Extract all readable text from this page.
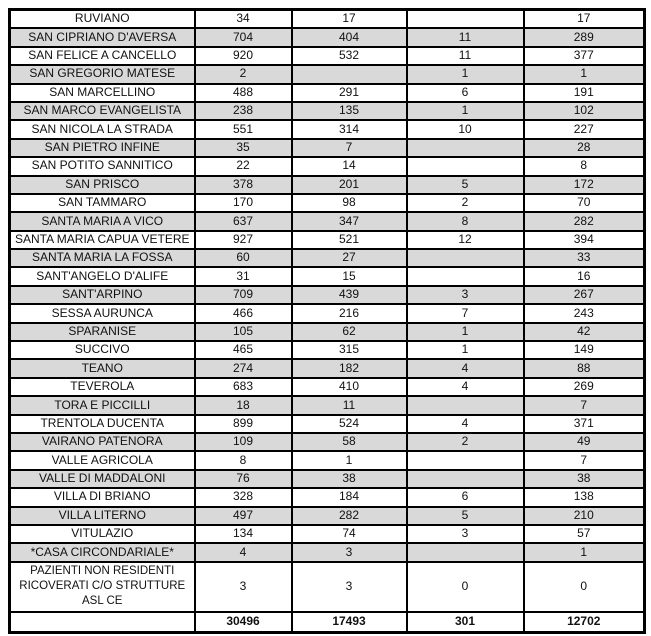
RUVIANO	34	17		17
SAN CIPRIANO D'AVERSA	704	404	11	289
SAN FELICE A CANCELLO	920	532	11	377
SAN GREGORIO MATESE	2		1	1
SAN MARCELLINO	488	291	6	191
SAN MARCO EVANGELISTA	238	135	1	102
SAN NICOLA LA STRADA	551	314	10	227
SAN PIETRO INFINE	35	7		28
SAN POTITO SANNITICO	22	14		8
SAN PRISCO	378	201	5	172
SAN TAMMARO	170	98	2	70
SANTA MARIA A VICO	637	347	8	282
SANTA MARIA CAPUA VETERE	927	521	12	394
SANTA MARIA LA FOSSA	60	27		33
SANT'ANGELO D'ALIFE	31	15		16
SANT'ARPINO	709	439	3	267
SESSA AURUNCA	466	216	7	243
SPARANISE	105	62	1	42
SUCCIVO	465	315	1	149
TEANO	274	182	4	88
TEVEROLA	683	410	4	269
TORA E PICCILLI	18	11		7
TRENTOLA DUCENTA	899	524	4	371
VAIRANO PATENORA	109	58	2	49
VALLE AGRICOLA	8	1		7
VALLE DI MADDALONI	76	38		38
VILLA DI BRIANO	328	184	6	138
VILLA LITERNO	497	282	5	210
VITULAZIO	134	74	3	57
*CASA CIRCONDARIALE*	4	3		1
PAZIENTI NON RESIDENTI RICOVERATI C/O STRUTTURE ASL CE	3	3	0	0
	30496	17493	301	12702
